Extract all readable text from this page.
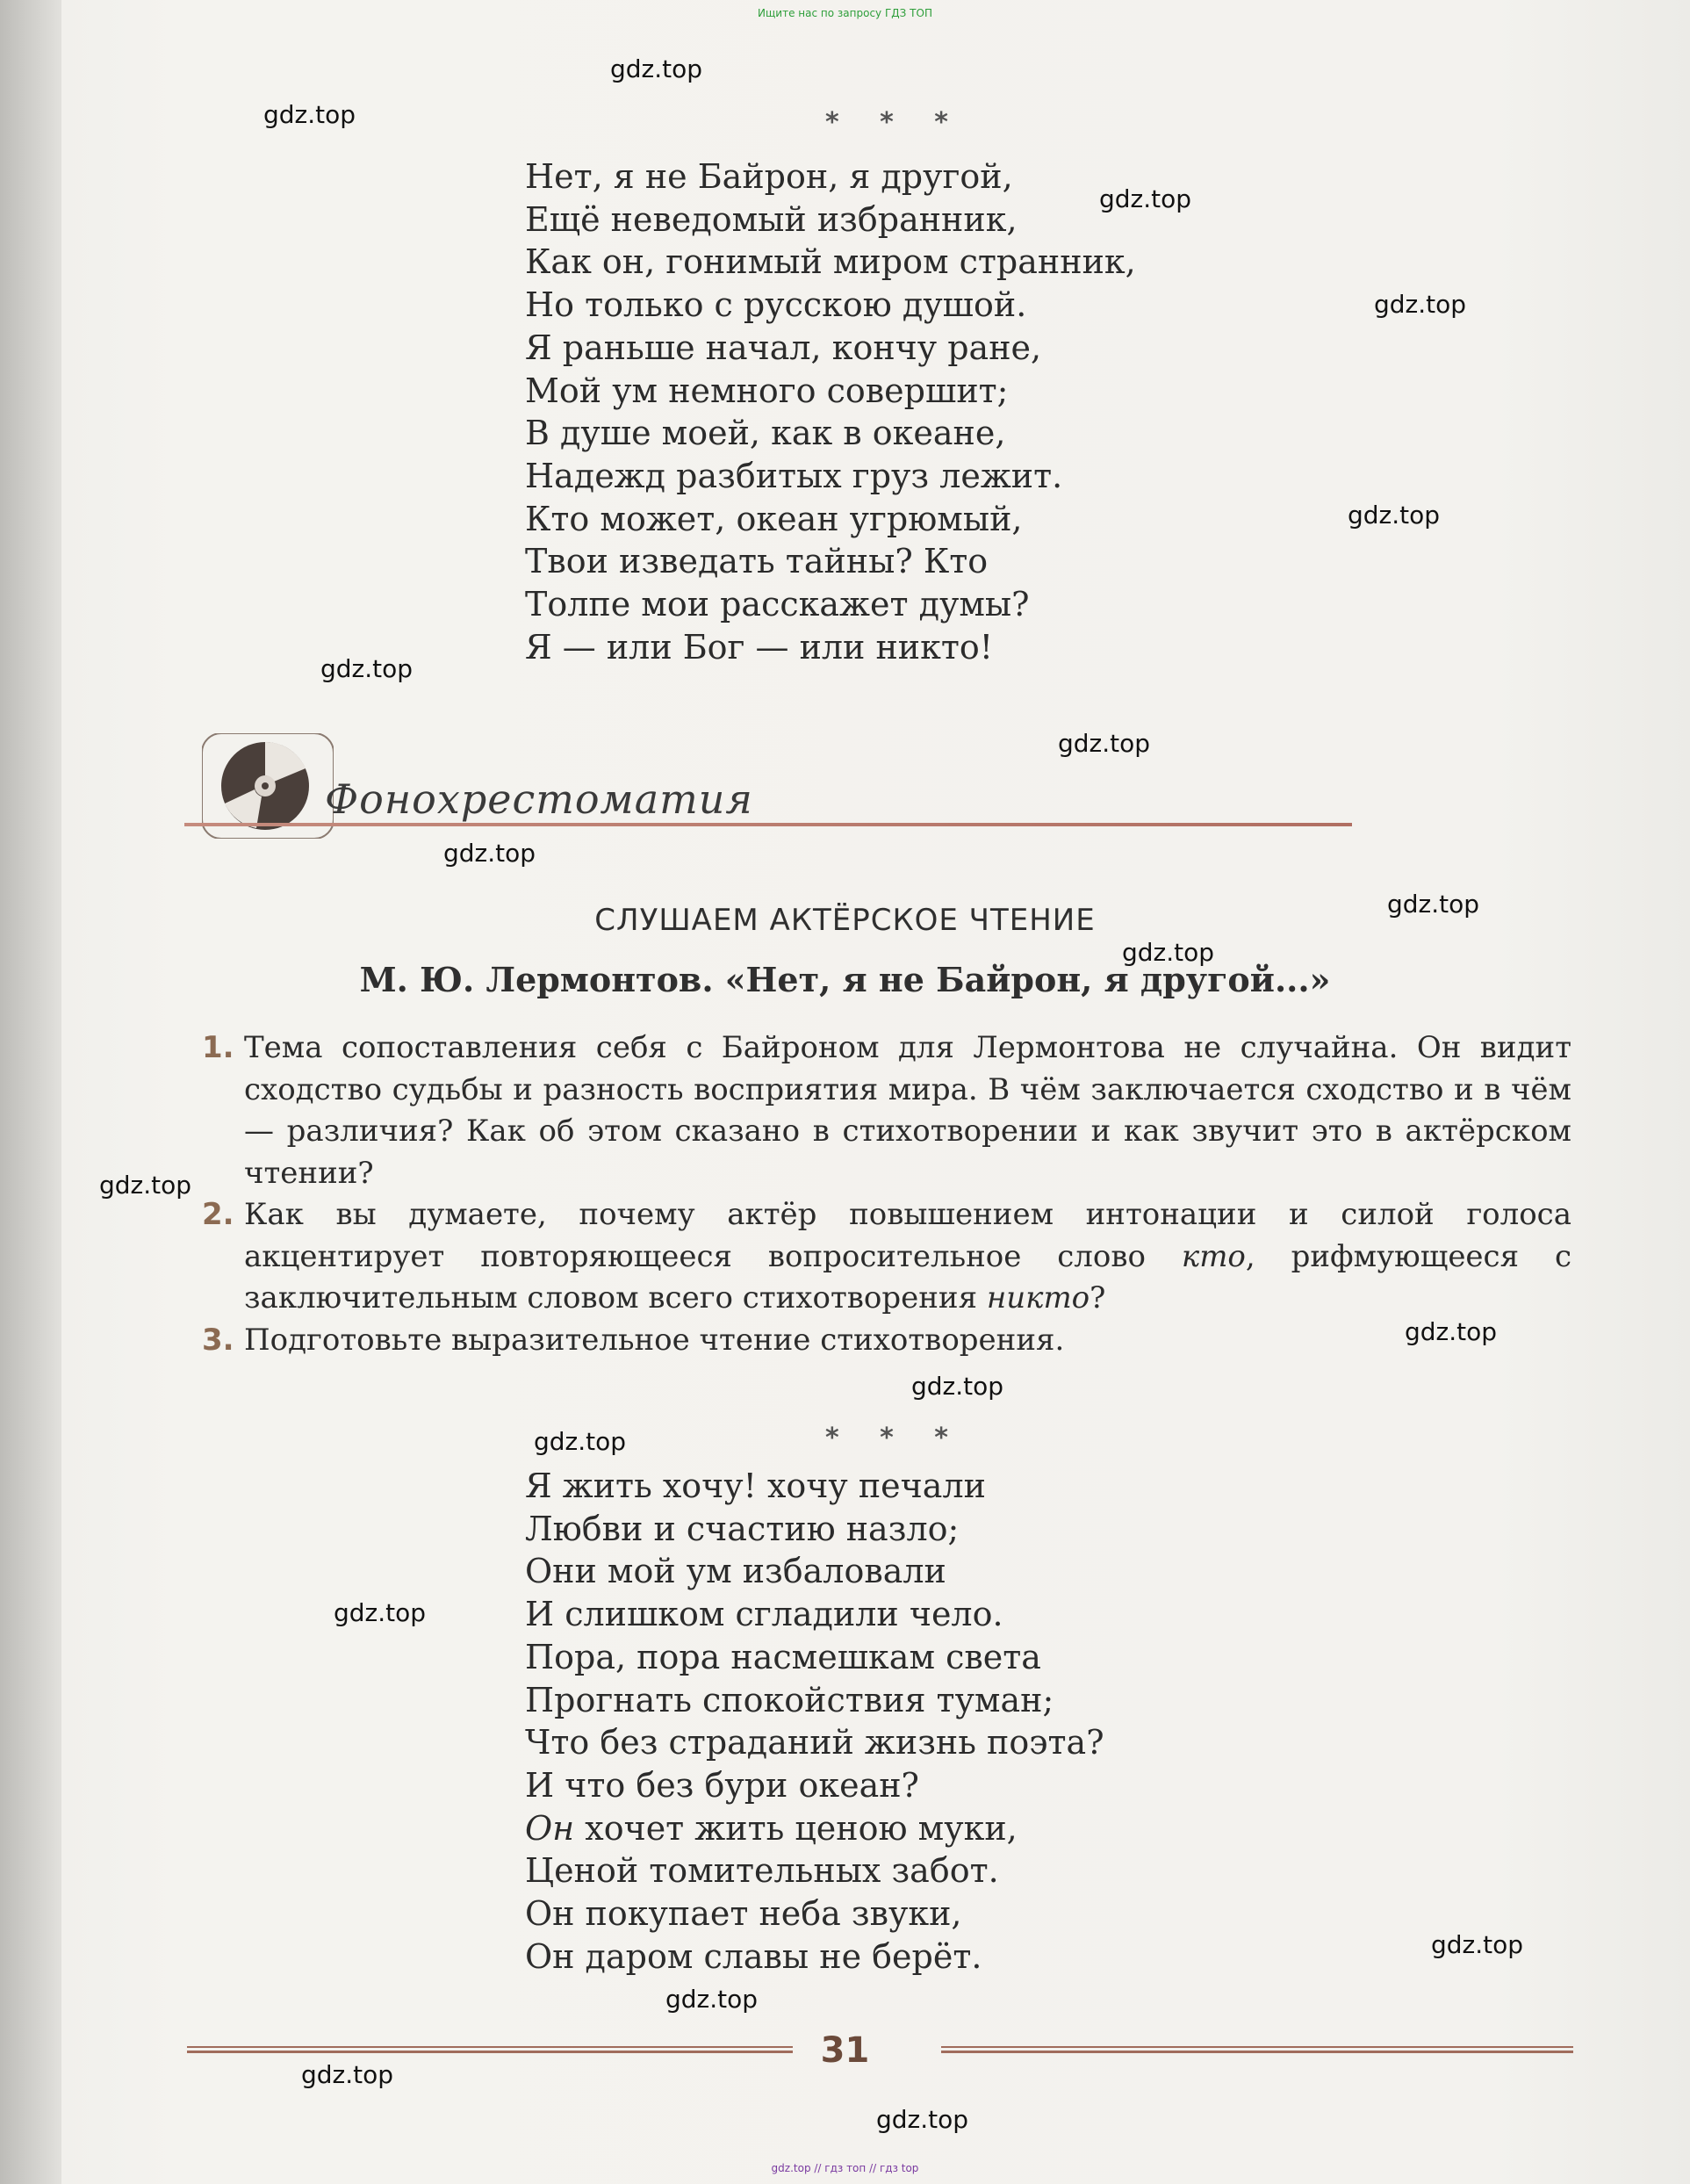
Ищите нас по запросу ГДЗ ТОП
gdz.top
gdz.top
gdz.top
gdz.top
gdz.top
gdz.top
gdz.top
gdz.top
gdz.top
gdz.top
gdz.top
gdz.top
gdz.top
gdz.top
gdz.top
gdz.top
gdz.top
gdz.top
gdz.top
* * *
Нет, я не Байрон, я другой,
Ещё неведомый избранник,
Как он, гонимый миром странник,
Но только с русскою душой.
Я раньше начал, кончу ране,
Мой ум немного совершит;
В душе моей, как в океане,
Надежд разбитых груз лежит.
Кто может, океан угрюмый,
Твои изведать тайны? Кто
Толпе мои расскажет думы?
Я — или Бог — или никто!
Фонохрестоматия
СЛУШАЕМ АКТЁРСКОЕ ЧТЕНИЕ
М. Ю. Лермонтов. «Нет, я не Байрон, я другой...»
1. Тема сопоставления себя с Байроном для Лермонтова не случайна. Он видит сходство судьбы и разность восприятия мира. В чём заключается сходство и в чём — различия? Как об этом сказано в стихотворении и как звучит это в актёрском чтении?
2. Как вы думаете, почему актёр повышением интонации и силой голоса акцентирует повторяющееся вопросительное слово кто, рифмующееся с заключительным словом всего стихотворения никто?
3. Подготовьте выразительное чтение стихотворения.
* * *
Я жить хочу! хочу печали
Любви и счастию назло;
Они мой ум избаловали
И слишком сгладили чело.
Пора, пора насмешкам света
Прогнать спокойствия туман;
Что без страданий жизнь поэта?
И что без бури океан?
Он хочет жить ценою муки,
Ценой томительных забот.
Он покупает неба звуки,
Он даром славы не берёт.
31
gdz.top // гдз топ // гдз top
